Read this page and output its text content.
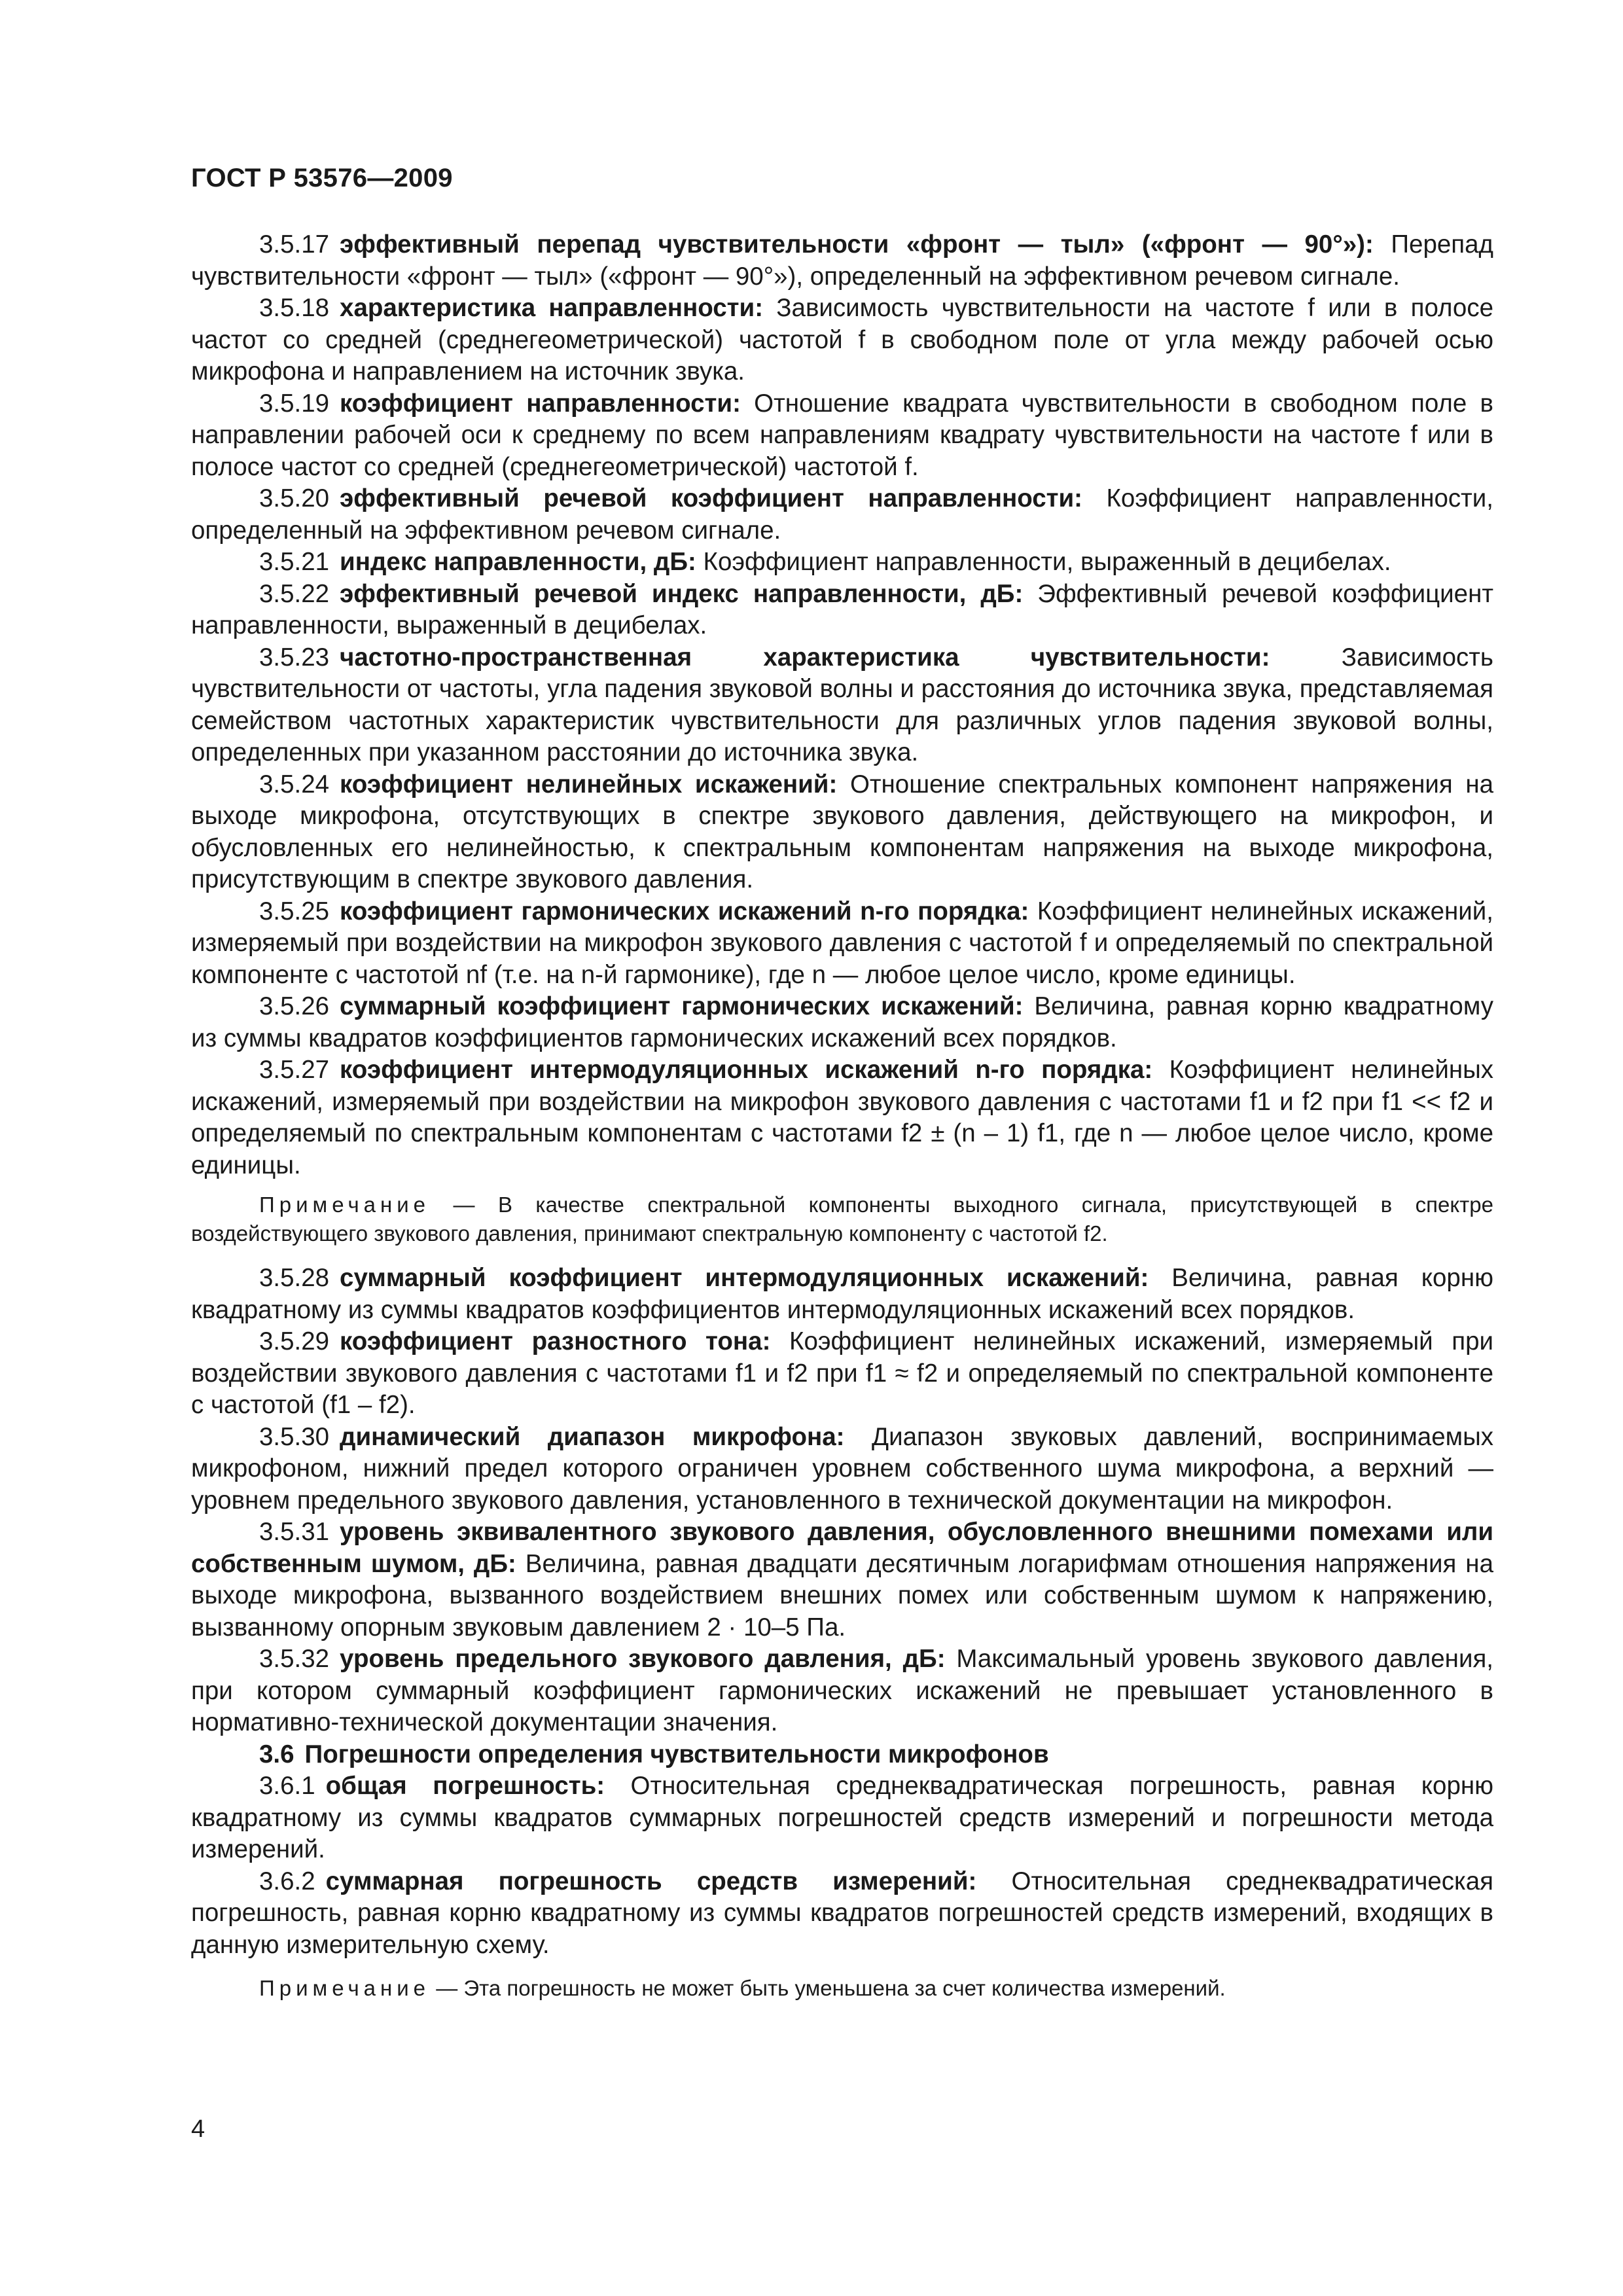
ГОСТ Р 53576—2009

3.5.17 эффективный перепад чувствительности «фронт — тыл» («фронт — 90°»): Перепад чувствительности «фронт — тыл» («фронт — 90°»), определенный на эффективном речевом сигнале.

3.5.18 характеристика направленности: Зависимость чувствительности на частоте f или в полосе частот со средней (среднегеометрической) частотой f в свободном поле от угла между рабочей осью микрофона и направлением на источник звука.

3.5.19 коэффициент направленности: Отношение квадрата чувствительности в свободном поле в направлении рабочей оси к среднему по всем направлениям квадрату чувствительности на частоте f или в полосе частот со средней (среднегеометрической) частотой f.

3.5.20 эффективный речевой коэффициент направленности: Коэффициент направленности, определенный на эффективном речевом сигнале.

3.5.21 индекс направленности, дБ: Коэффициент направленности, выраженный в децибелах.

3.5.22 эффективный речевой индекс направленности, дБ: Эффективный речевой коэффициент направленности, выраженный в децибелах.

3.5.23 частотно-пространственная характеристика чувствительности:	Зависимость чувствительности от частоты, угла падения звуковой волны и расстояния до источника звука, представляемая семейством частотных характеристик чувствительности для различных углов падения звуковой волны, определенных при указанном расстоянии до источника звука.

3.5.24 коэффициент нелинейных искажений: Отношение спектральных компонент напряжения на выходе микрофона, отсутствующих в спектре звукового давления, действующего на микрофон, и обусловленных его нелинейностью, к спектральным компонентам напряжения на выходе микрофона, присутствующим в спектре звукового давления.

3.5.25 коэффициент гармонических искажений n-го порядка: Коэффициент нелинейных искажений, измеряемый при воздействии на микрофон звукового давления с частотой f и определяемый по спектральной компоненте с частотой nf (т.е. на n-й гармонике), где n — любое целое число, кроме единицы.

3.5.26 суммарный коэффициент гармонических искажений: Величина, равная корню квадратному из суммы квадратов коэффициентов гармонических искажений всех порядков.

3.5.27 коэффициент интермодуляционных искажений n-го порядка: Коэффициент нелинейных искажений, измеряемый при воздействии на микрофон звукового давления с частотами f1 и f2 при f1 << f2 и определяемый по спектральным компонентам с частотами f2 ± (n – 1) f1, где n — любое целое число, кроме единицы.

Примечание — В качестве спектральной компоненты выходного сигнала, присутствующей в спектре воздействующего звукового давления, принимают спектральную компоненту с частотой f2.

3.5.28 суммарный коэффициент интермодуляционных искажений: Величина, равная корню квадратному из суммы квадратов коэффициентов интермодуляционных искажений всех порядков.

3.5.29 коэффициент разностного тона: Коэффициент нелинейных искажений, измеряемый при воздействии звукового давления с частотами f1 и f2 при f1 ≈ f2 и определяемый по спектральной компоненте с частотой (f1 – f2).

3.5.30 динамический диапазон микрофона: Диапазон звуковых давлений, воспринимаемых микрофоном, нижний предел которого ограничен уровнем собственного шума микрофона, а верхний — уровнем предельного звукового давления, установленного в технической документации на микрофон.

3.5.31 уровень эквивалентного звукового давления, обусловленного внешними помехами или собственным шумом, дБ: Величина, равная двадцати десятичным логарифмам отношения напряжения на выходе микрофона, вызванного воздействием внешних помех или собственным шумом к напряжению, вызванному опорным звуковым давлением 2 · 10–5 Па.

3.5.32 уровень предельного звукового давления, дБ: Максимальный уровень звукового давления, при котором суммарный коэффициент гармонических искажений не превышает установленного в нормативно-технической документации значения.

3.6 Погрешности определения чувствительности микрофонов

3.6.1 общая погрешность: Относительная среднеквадратическая погрешность, равная корню квадратному из суммы квадратов суммарных погрешностей средств измерений и погрешности метода измерений.

3.6.2 суммарная погрешность средств измерений: Относительная среднеквадратическая погрешность, равная корню квадратному из суммы квадратов погрешностей средств измерений, входящих в данную измерительную схему.

Примечание — Эта погрешность не может быть уменьшена за счет количества измерений.
4
